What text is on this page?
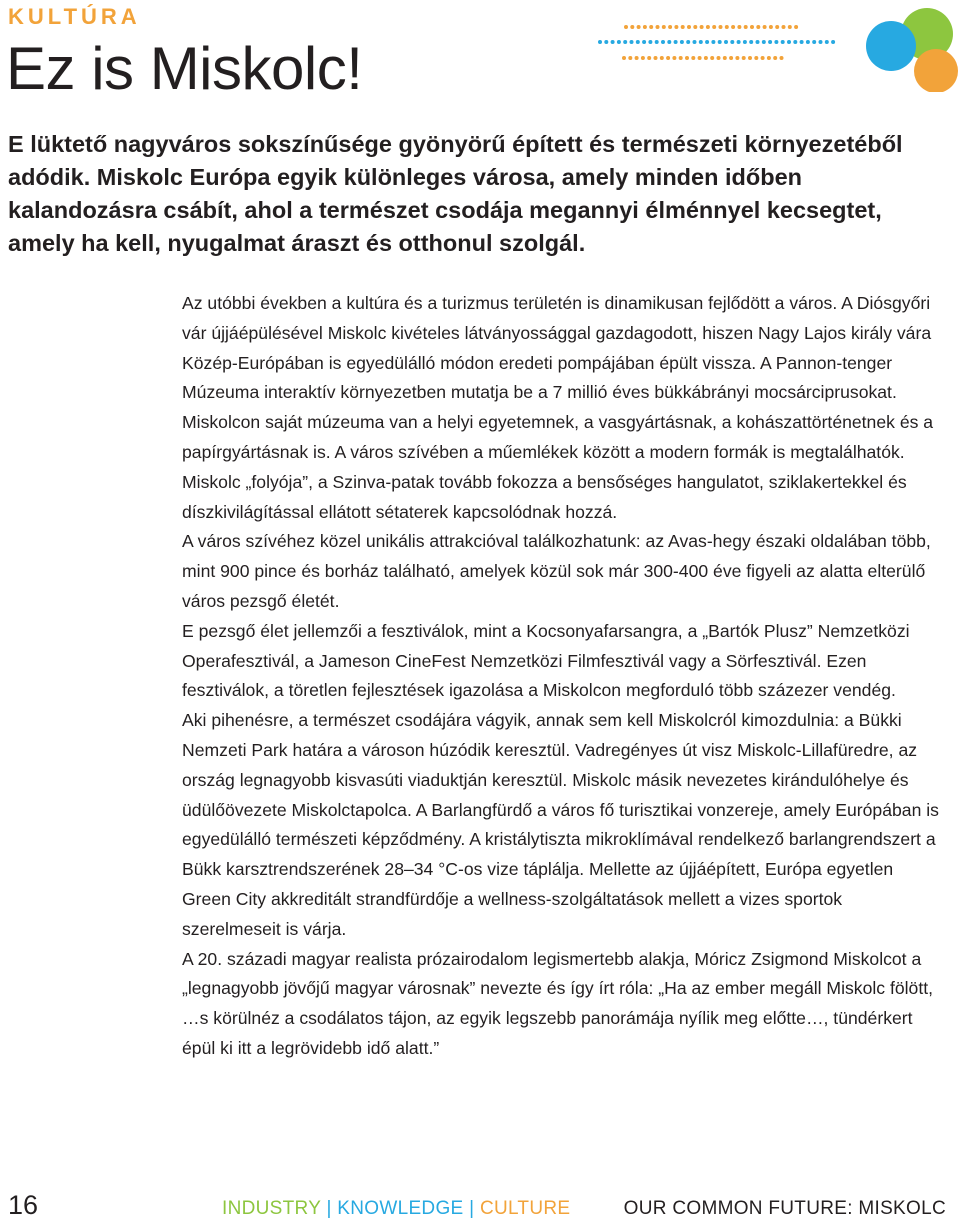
KULTÚRA
Ez is Miskolc!
E lüktető nagyváros sokszínűsége gyönyörű épített és természeti környezetéből adódik. Miskolc Európa egyik különleges városa, amely minden időben kalandozásra csábít, ahol a természet csodája megannyi élménnyel kecsegtet, amely ha kell, nyugalmat áraszt és otthonul szolgál.

Az utóbbi években a kultúra és a turizmus területén is dinamikusan fejlődött a város. A Diósgyőri vár újjáépülésével Miskolc kivételes látványossággal gazdagodott, hiszen Nagy Lajos király vára Közép-Európában is egyedülálló módon eredeti pompájában épült vissza. A Pannon-tenger Múzeuma interaktív környezetben mutatja be a 7 millió éves bükkábrányi mocsárciprusokat. Miskolcon saját múzeuma van a helyi egyetemnek, a vasgyártásnak, a kohászattörténetnek és a papírgyártásnak is. A város szívében a műemlékek között a modern formák is megtalálhatók. Miskolc „folyója”, a Szinva-patak tovább fokozza a bensőséges hangulatot, sziklakertekkel és díszkivilágítással ellátott sétaterek kapcsolódnak hozzá.

A város szívéhez közel unikális attrakcióval találkozhatunk: az Avas-hegy északi oldalában több, mint 900 pince és borház található, amelyek közül sok már 300-400 éve figyeli az alatta elterülő város pezsgő életét.

E pezsgő élet jellemzői a fesztiválok, mint a Kocsonyafarsangra, a „Bartók Plusz” Nemzetközi Operafesztivál, a Jameson CineFest Nemzetközi Filmfesztivál vagy a Sörfesztivál. Ezen fesztiválok, a töretlen fejlesztések igazolása a Miskolcon megforduló több százezer vendég.

Aki pihenésre, a természet csodájára vágyik, annak sem kell Miskolcról kimozdulnia: a Bükki Nemzeti Park határa a városon húzódik keresztül. Vadregényes út visz Miskolc-Lillafüredre, az ország legnagyobb kisvasúti viaduktján keresztül. Miskolc másik nevezetes kirándulóhelye és üdülőövezete Miskolctapolca. A Barlangfürdő a város fő turisztikai vonzereje, amely Európában is egyedülálló természeti képződmény. A kristálytiszta mikroklímával rendelkező barlangrendszert a Bükk karsztrendszerének 28–34 °C-os vize táplálja. Mellette az újjáépített, Európa egyetlen Green City akkreditált strandfürdője a wellness-szolgáltatások mellett a vizes sportok szerelmeseit is várja.

A 20. századi magyar realista prózairodalom legismertebb alakja, Móricz Zsigmond Miskolcot a „legnagyobb jövőjű magyar városnak” nevezte és így írt róla: „Ha az ember megáll Miskolc fölött, …s körülnéz a csodálatos tájon, az egyik legszebb panorámája nyílik meg előtte…, tündérkert épül ki itt a legrövidebb idő alatt.”

16	INDUSTRY | KNOWLEDGE | CULTURE	OUR COMMON FUTURE: MISKOLC
